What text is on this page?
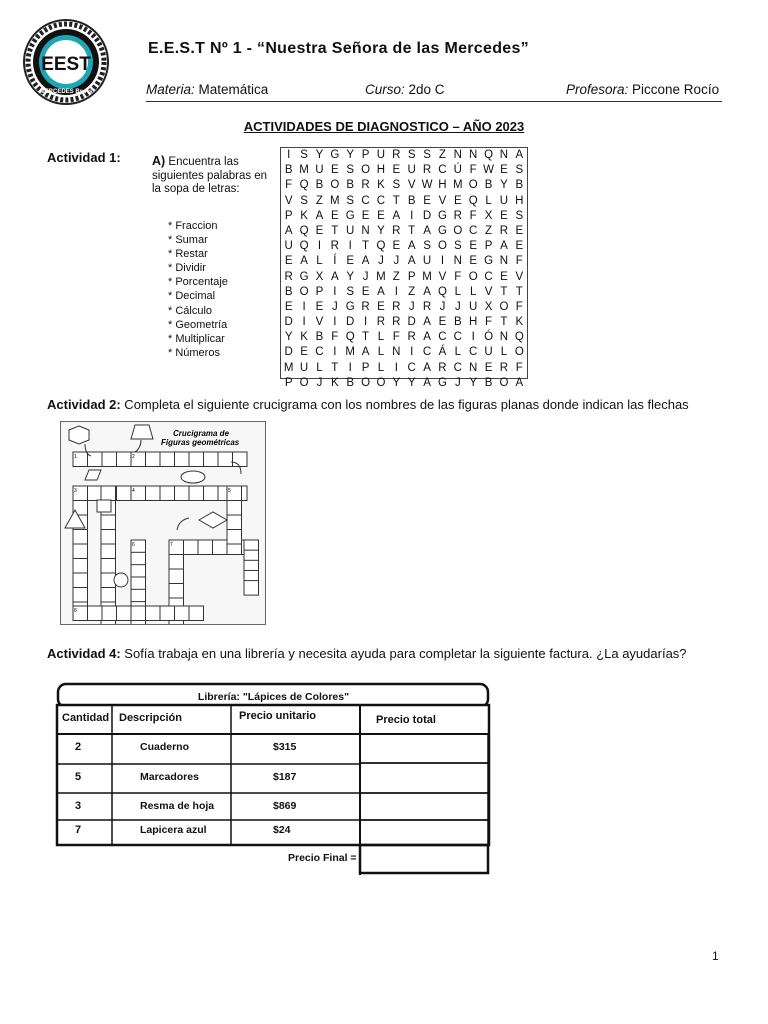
EEST
MERCEDES Bs.As
E.E.S.T Nº 1 - “Nuestra Señora de las Mercedes”
Materia: Matemática	Curso: 2do C	Profesora: Piccone Rocío
ACTIVIDADES DE DIAGNOSTICO – AÑO 2023
Actividad 1:	A) Encuentra las siguientes palabras en la sopa de letras:
* Fraccion
* Sumar
* Restar
* Dividir
* Porcentaje
* Decimal
* Cálculo
* Geometría
* Multiplicar
* Números
I S Y G Y P U R S S Z N N Q N A
B M U E S O H E U R C Ú F W E S
F Q B O B R K S V W H M O B Y B
V S Z M S C C T B E V E Q L U H
P K A E G E E A I D G R F X E S
A Q E T U N Y R T A G O C Z R E
U Q I R I T Q E A S O S E P A E
E A L Í E A J J A U I N E G N F
R G X A Y J M Z P M V F O C E V
B O P I S E A I Z A Q L L V T T
E I E J G R E R J R J J U X O F
D I V I D I R R D A E B H F T K
Y K B F Q T L F R A C C I Ó N Q
D E C I M A L N I C Á L C U L O
M U L T I P L I C A R C N E R F
P O J K B O O Y Y A G J Y B O A
Actividad 2: Completa el siguiente crucigrama con los nombres de las figuras planas donde indican las flechas
Crucigrama de
Figuras geométricas
1	2
3	4	5
6	7
8
Actividad 4: Sofía trabaja en una librería y necesita ayuda para completar la siguiente factura. ¿La ayudarías?
Librería: "Lápices de Colores"
Cantidad Descripción	Precio unitario	Precio total
2	Cuaderno	$315
5	Marcadores	$187
3	Resma de hoja	$869
7	Lapicera azul	$24
Precio Final =
1
